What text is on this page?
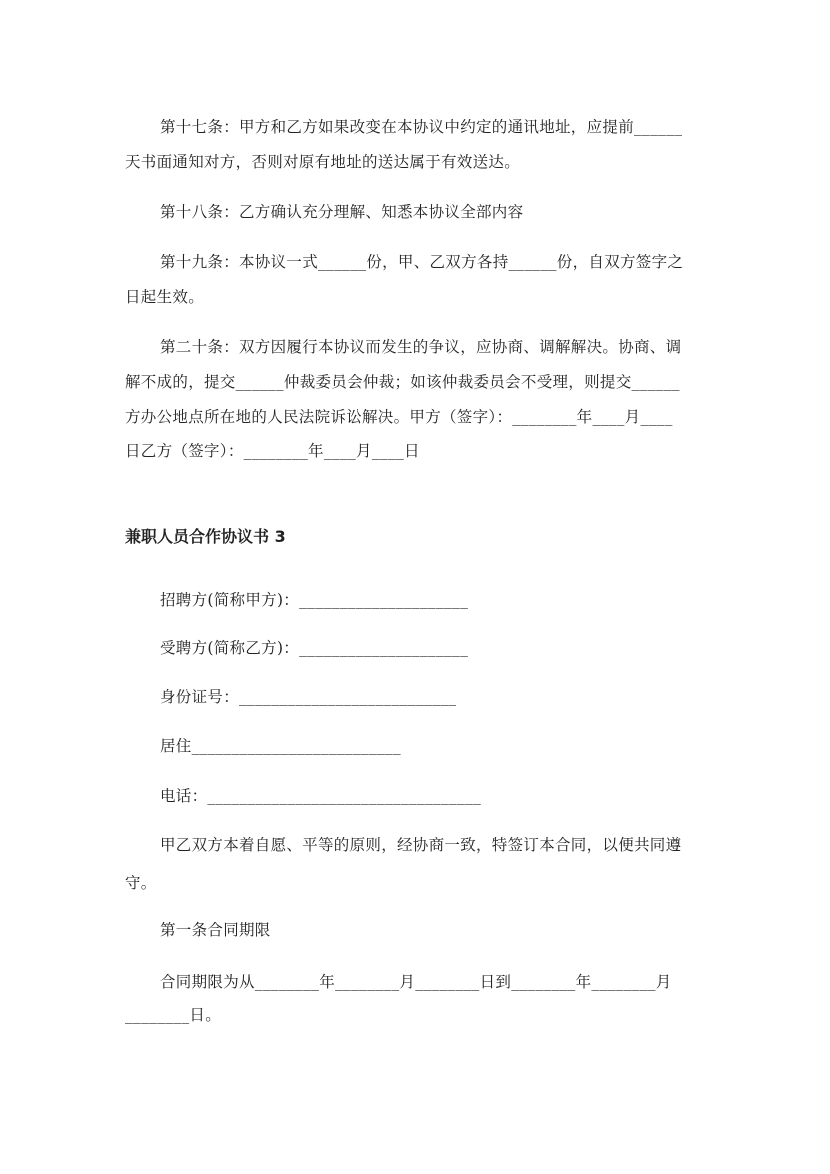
第十七条：甲方和乙方如果改变在本协议中约定的通讯地址，应提前______
天书面通知对方，否则对原有地址的送达属于有效送达。
第十八条：乙方确认充分理解、知悉本协议全部内容
第十九条：本协议一式______份，甲、乙双方各持______份，自双方签字之
日起生效。
第二十条：双方因履行本协议而发生的争议，应协商、调解解决。协商、调
解不成的，提交______仲裁委员会仲裁；如该仲裁委员会不受理，则提交______
方办公地点所在地的人民法院诉讼解决。甲方（签字）：________年____月____
日乙方（签字）：________年____月____日
兼职人员合作协议书 3
招聘方(简称甲方)：_____________________
受聘方(简称乙方)：_____________________
身份证号：___________________________
居住__________________________
电话：__________________________________
甲乙双方本着自愿、平等的原则，经协商一致，特签订本合同，以便共同遵
守。
第一条合同期限
合同期限为从________年________月________日到________年________月
________日。
